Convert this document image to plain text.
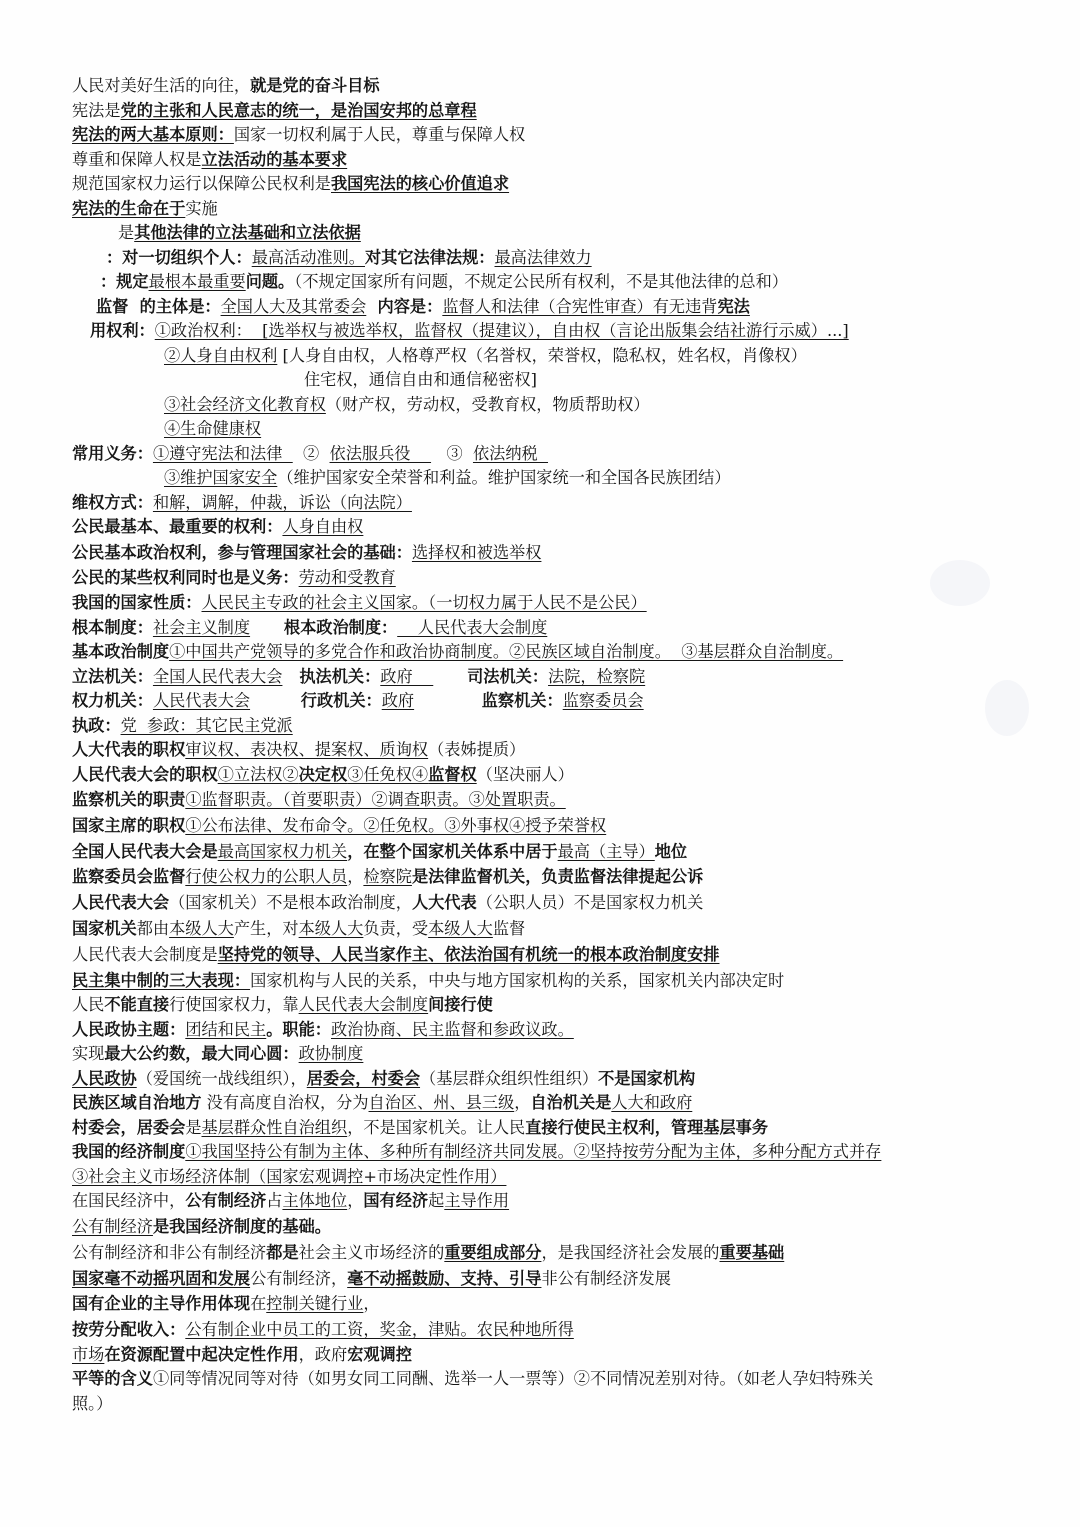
人民对美好生活的向往，就是党的奋斗目标
宪法是党的主张和人民意志的统一，是治国安邦的总章程
宪法的两大基本原则：国家一切权利属于人民，尊重与保障人权
尊重和保障人权是立法活动的基本要求
规范国家权力运行以保障公民权利是我国宪法的核心价值追求
宪法的生命在于实施
是其他法律的立法基础和立法依据
：对一切组织个人：最高活动准则。对其它法律法规：最高法律效力
：规定最根本最重要问题。（不规定国家所有问题，不规定公民所有权利，不是其他法律的总和）
监督  的主体是：全国人大及其常委会  内容是：监督人和法律（合宪性审查）有无违背宪法
用权利：①政治权利：  [选举权与被选举权，监督权（提建议），自由权（言论出版集会结社游行示威）...]
②人身自由权利 [人身自由权，人格尊严权（名誉权，荣誉权，隐私权，姓名权，肖像权）
住宅权，通信自由和通信秘密权]
③社会经济文化教育权（财产权，劳动权，受教育权，物质帮助权）
④生命健康权
常用义务：①遵守宪法和法律    ②  依法服兵役       ③  依法纳税
③维护国家安全（维护国家安全荣誉和利益。维护国家统一和全国各民族团结）
维权方式：和解，调解，仲裁，诉讼（向法院）
公民最基本、最重要的权利：人身自由权
公民基本政治权利，参与管理国家社会的基础：选择权和被选举权
公民的某些权利同时也是义务：劳动和受教育
我国的国家性质：人民民主专政的社会主义国家。（一切权力属于人民不是公民）
根本制度：社会主义制度      根本政治制度：    人民代表大会制度
基本政治制度①中国共产党领导的多党合作和政治协商制度。②民族区域自治制度。  ③基层群众自治制度。
立法机关：全国人民代表大会   执法机关：政府          司法机关：法院，检察院
权力机关：人民代表大会         行政机关：政府            监察机关：监察委员会
执政：党  参政：其它民主党派
人大代表的职权审议权、表决权、提案权、质询权（表姊提质）
人民代表大会的职权①立法权②决定权③任免权④监督权（坚决丽人）
监察机关的职责①监督职责。（首要职责）②调查职责。③处置职责。
国家主席的职权①公布法律、发布命令。②任免权。③外事权④授予荣誉权
全国人民代表大会是最高国家权力机关，在整个国家机关体系中居于最高（主导）地位
监察委员会监督行使公权力的公职人员，检察院是法律监督机关，负责监督法律提起公诉
人民代表大会（国家机关）不是根本政治制度，人大代表（公职人员）不是国家权力机关
国家机关都由本级人大产生，对本级人大负责，受本级人大监督
人民代表大会制度是坚持党的领导、人民当家作主、依法治国有机统一的根本政治制度安排
民主集中制的三大表现：国家机构与人民的关系，中央与地方国家机构的关系，国家机关内部决定时
人民不能直接行使国家权力，靠人民代表大会制度间接行使
人民政协主题：团结和民主。职能：政治协商、民主监督和参政议政。
实现最大公约数，最大同心圆：政协制度
人民政协（爱国统一战线组织），居委会，村委会（基层群众组织性组织）不是国家机构
民族区域自治地方 没有高度自治权，分为自治区、州、县三级，自治机关是人大和政府
村委会，居委会是基层群众性自治组织，不是国家机关。让人民直接行使民主权利，管理基层事务
我国的经济制度①我国坚持公有制为主体、多种所有制经济共同发展。②坚持按劳分配为主体，多种分配方式并存
③社会主义市场经济体制（国家宏观调控+市场决定性作用）
在国民经济中，公有制经济占主体地位，国有经济起主导作用
公有制经济是我国经济制度的基础。
公有制经济和非公有制经济都是社会主义市场经济的重要组成部分，是我国经济社会发展的重要基础
国家毫不动摇巩固和发展公有制经济，毫不动摇鼓励、支持、引导非公有制经济发展
国有企业的主导作用体现在控制关键行业，
按劳分配收入：公有制企业中员工的工资，奖金，津贴。农民种地所得
市场在资源配置中起决定性作用，政府宏观调控
平等的含义①同等情况同等对待（如男女同工同酬、选举一人一票等）②不同情况差别对待。（如老人孕妇特殊关
照。）
